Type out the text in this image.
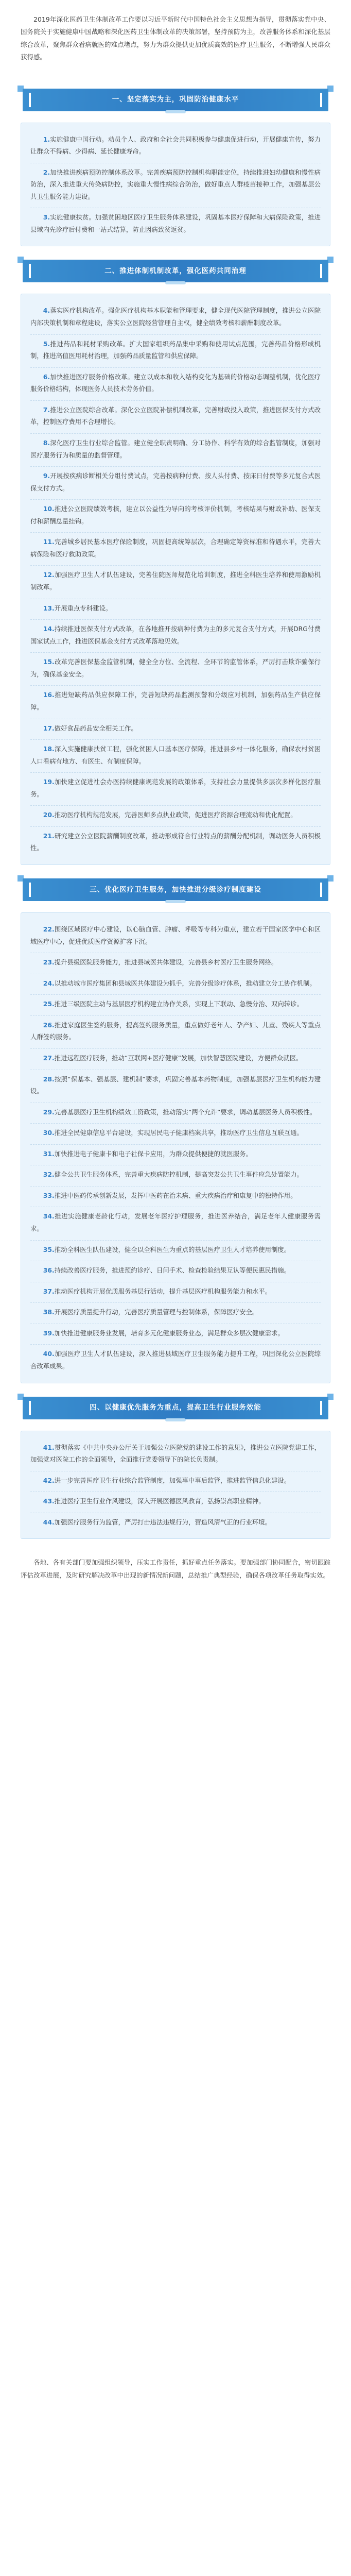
2019年深化医药卫生体制改革工作要以习近平新时代中国特色社会主义思想为指导，贯彻落实党中央、国务院关于实施健康中国战略和深化医药卫生体制改革的决策部署，坚持预防为主，改善服务体系和深化基层综合改革，聚焦群众看病就医的难点堵点，努力为群众提供更加优质高效的医疗卫生服务，不断增强人民群众获得感。

一、坚定落实为主，巩固防治健康水平

1.实施健康中国行动。动员个人、政府和全社会共同积极参与健康促进行动，开展健康宣传，努力让群众不得病、少得病、延长健康寿命。

2.加快推进疾病预防控制体系改革。完善疾病预防控制机构职能定位，持续推进妇幼健康和慢性病防治，深入推进重大传染病防控，实施重大慢性病综合防治，做好重点人群疫苗接种工作，加强基层公共卫生服务能力建设。

3.实施健康扶贫。加强贫困地区医疗卫生服务体系建设，巩固基本医疗保障和大病保险政策，推进县域内先诊疗后付费和一站式结算，防止因病致贫返贫。

二、推进体制机制改革，强化医药共同治理

4.落实医疗机构改革。强化医疗机构基本职能和管理要求，健全现代医院管理制度，推进公立医院内部决策机制和章程建设，落实公立医院经营管理自主权，健全绩效考核和薪酬制度改革。

5.推进药品和耗材采购改革。扩大国家组织药品集中采购和使用试点范围，完善药品价格形成机制，推进高值医用耗材治理，加强药品质量监管和供应保障。

6.加快推进医疗服务价格改革。建立以成本和收入结构变化为基础的价格动态调整机制，优化医疗服务价格结构，体现医务人员技术劳务价值。

7.推进公立医院综合改革。深化公立医院补偿机制改革，完善财政投入政策，推进医保支付方式改革，控制医疗费用不合理增长。

8.深化医疗卫生行业综合监管。建立健全职责明确、分工协作、科学有效的综合监管制度，加强对医疗服务行为和质量的监督管理。

9.开展按疾病诊断相关分组付费试点，完善按病种付费、按人头付费、按床日付费等多元复合式医保支付方式。

10.推进公立医院绩效考核，建立以公益性为导向的考核评价机制，考核结果与财政补助、医保支付和薪酬总量挂钩。

11.完善城乡居民基本医疗保险制度，巩固提高统筹层次，合理确定筹资标准和待遇水平，完善大病保险和医疗救助政策。

12.加强医疗卫生人才队伍建设，完善住院医师规范化培训制度，推进全科医生培养和使用激励机制改革。

13.开展重点专科建设。

14.持续推进医保支付方式改革，在各地推开按病种付费为主的多元复合支付方式，开展DRG付费国家试点工作，推进医保基金支付方式改革落地见效。

15.改革完善医保基金监管机制，健全全方位、全流程、全环节的监管体系，严厉打击欺诈骗保行为，确保基金安全。

16.推进短缺药品供应保障工作，完善短缺药品监测预警和分级应对机制，加强药品生产供应保障。

17.做好食品药品安全相关工作。

18.深入实施健康扶贫工程，强化贫困人口基本医疗保障，推进县乡村一体化服务，确保农村贫困人口看病有地方、有医生、有制度保障。

19.加快建立促进社会办医持续健康规范发展的政策体系，支持社会力量提供多层次多样化医疗服务。

20.推动医疗机构规范发展，完善医师多点执业政策，促进医疗资源合理流动和优化配置。

21.研究建立公立医院薪酬制度改革，推动形成符合行业特点的薪酬分配机制，调动医务人员积极性。

三、优化医疗卫生服务，加快推进分级诊疗制度建设

22.围绕区域医疗中心建设，以心脑血管、肿瘤、呼吸等专科为重点，建立若干国家医学中心和区域医疗中心，促进优质医疗资源扩容下沉。

23.提升县级医院服务能力，推进县域医共体建设，完善县乡村医疗卫生服务网络。

24.以推动城市医疗集团和县域医共体建设为抓手，完善分级诊疗体系，推动建立分工协作机制。

25.推进三级医院主动与基层医疗机构建立协作关系，实现上下联动、急慢分治、双向转诊。

26.推进家庭医生签约服务，提高签约服务质量，重点做好老年人、孕产妇、儿童、残疾人等重点人群签约服务。

27.推进远程医疗服务，推动“互联网+医疗健康”发展，加快智慧医院建设，方便群众就医。

28.按照“保基本、强基层、建机制”要求，巩固完善基本药物制度，加强基层医疗卫生机构能力建设。

29.完善基层医疗卫生机构绩效工资政策，推动落实“两个允许”要求，调动基层医务人员积极性。

30.推进全民健康信息平台建设，实现居民电子健康档案共享，推动医疗卫生信息互联互通。

31.加快推进电子健康卡和电子社保卡应用，为群众提供便捷的就医服务。

32.健全公共卫生服务体系，完善重大疾病防控机制，提高突发公共卫生事件应急处置能力。

33.推进中医药传承创新发展，发挥中医药在治未病、重大疾病治疗和康复中的独特作用。

34.推进实施健康老龄化行动，发展老年医疗护理服务，推进医养结合，满足老年人健康服务需求。

35.推动全科医生队伍建设，健全以全科医生为重点的基层医疗卫生人才培养使用制度。

36.持续改善医疗服务，推进预约诊疗、日间手术、检查检验结果互认等便民惠民措施。

37.推动医疗机构开展优质服务基层行活动，提升基层医疗机构服务能力和水平。

38.开展医疗质量提升行动，完善医疗质量管理与控制体系，保障医疗安全。

39.加快推进健康服务业发展，培育多元化健康服务业态，满足群众多层次健康需求。

40.加强医疗卫生人才队伍建设，深入推进县域医疗卫生服务能力提升工程，巩固深化公立医院综合改革成果。

四、以健康优先服务为重点，提高卫生行业服务效能

41.贯彻落实《中共中央办公厅关于加强公立医院党的建设工作的意见》，推进公立医院党建工作，加强党对医院工作的全面领导，全面推行党委领导下的院长负责制。

42.进一步完善医疗卫生行业综合监管制度，加强事中事后监管，推进监管信息化建设。

43.推进医疗卫生行业作风建设，深入开展医德医风教育，弘扬崇高职业精神。

44.加强医疗服务行为监管，严厉打击违法违规行为，营造风清气正的行业环境。

各地、各有关部门要加强组织领导，压实工作责任，抓好重点任务落实。要加强部门协同配合，密切跟踪评估改革进展，及时研究解决改革中出现的新情况新问题，总结推广典型经验，确保各项改革任务取得实效。
